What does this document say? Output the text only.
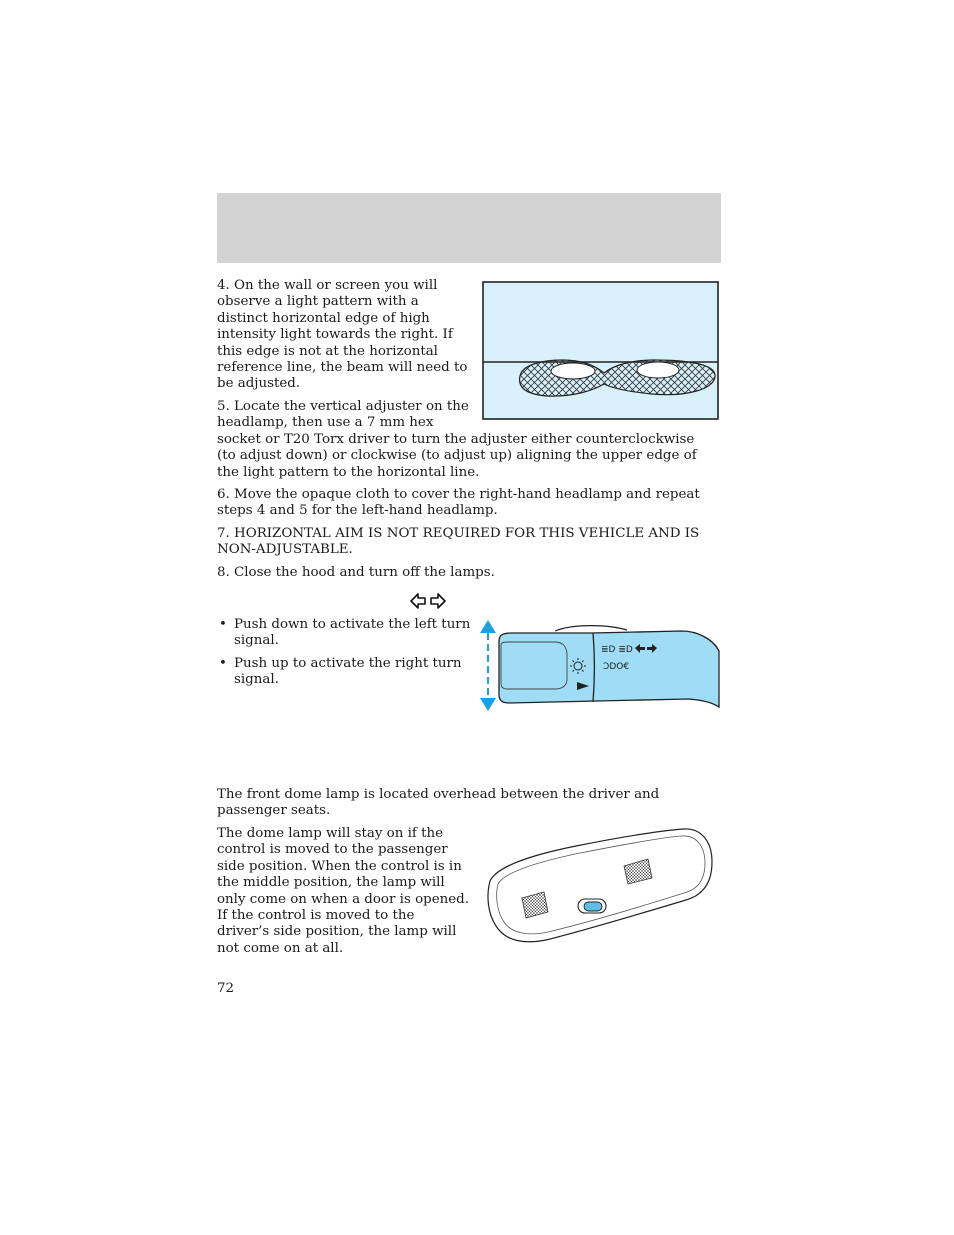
4. On the wall or screen you will observe a light pattern with a distinct horizontal edge of high intensity light towards the right. If this edge is not at the horizontal reference line, the beam will need to be adjusted.

5. Locate the vertical adjuster on the headlamp, then use a 7 mm hex

socket or T20 Torx driver to turn the adjuster either counterclockwise (to adjust down) or clockwise (to adjust up) aligning the upper edge of the light pattern to the horizontal line.

6. Move the opaque cloth to cover the right-hand headlamp and repeat steps 4 and 5 for the left-hand headlamp.

7. HORIZONTAL AIM IS NOT REQUIRED FOR THIS VEHICLE AND IS NON-ADJUSTABLE.

8. Close the hood and turn off the lamps.

• Push down to activate the left turn signal.
• Push up to activate the right turn signal.
≣D ≣D
ƆDO€

The front dome lamp is located overhead between the driver and passenger seats.

The dome lamp will stay on if the control is moved to the passenger side position. When the control is in the middle position, the lamp will only come on when a door is opened. If the control is moved to the driver’s side position, the lamp will not come on at all.

72
